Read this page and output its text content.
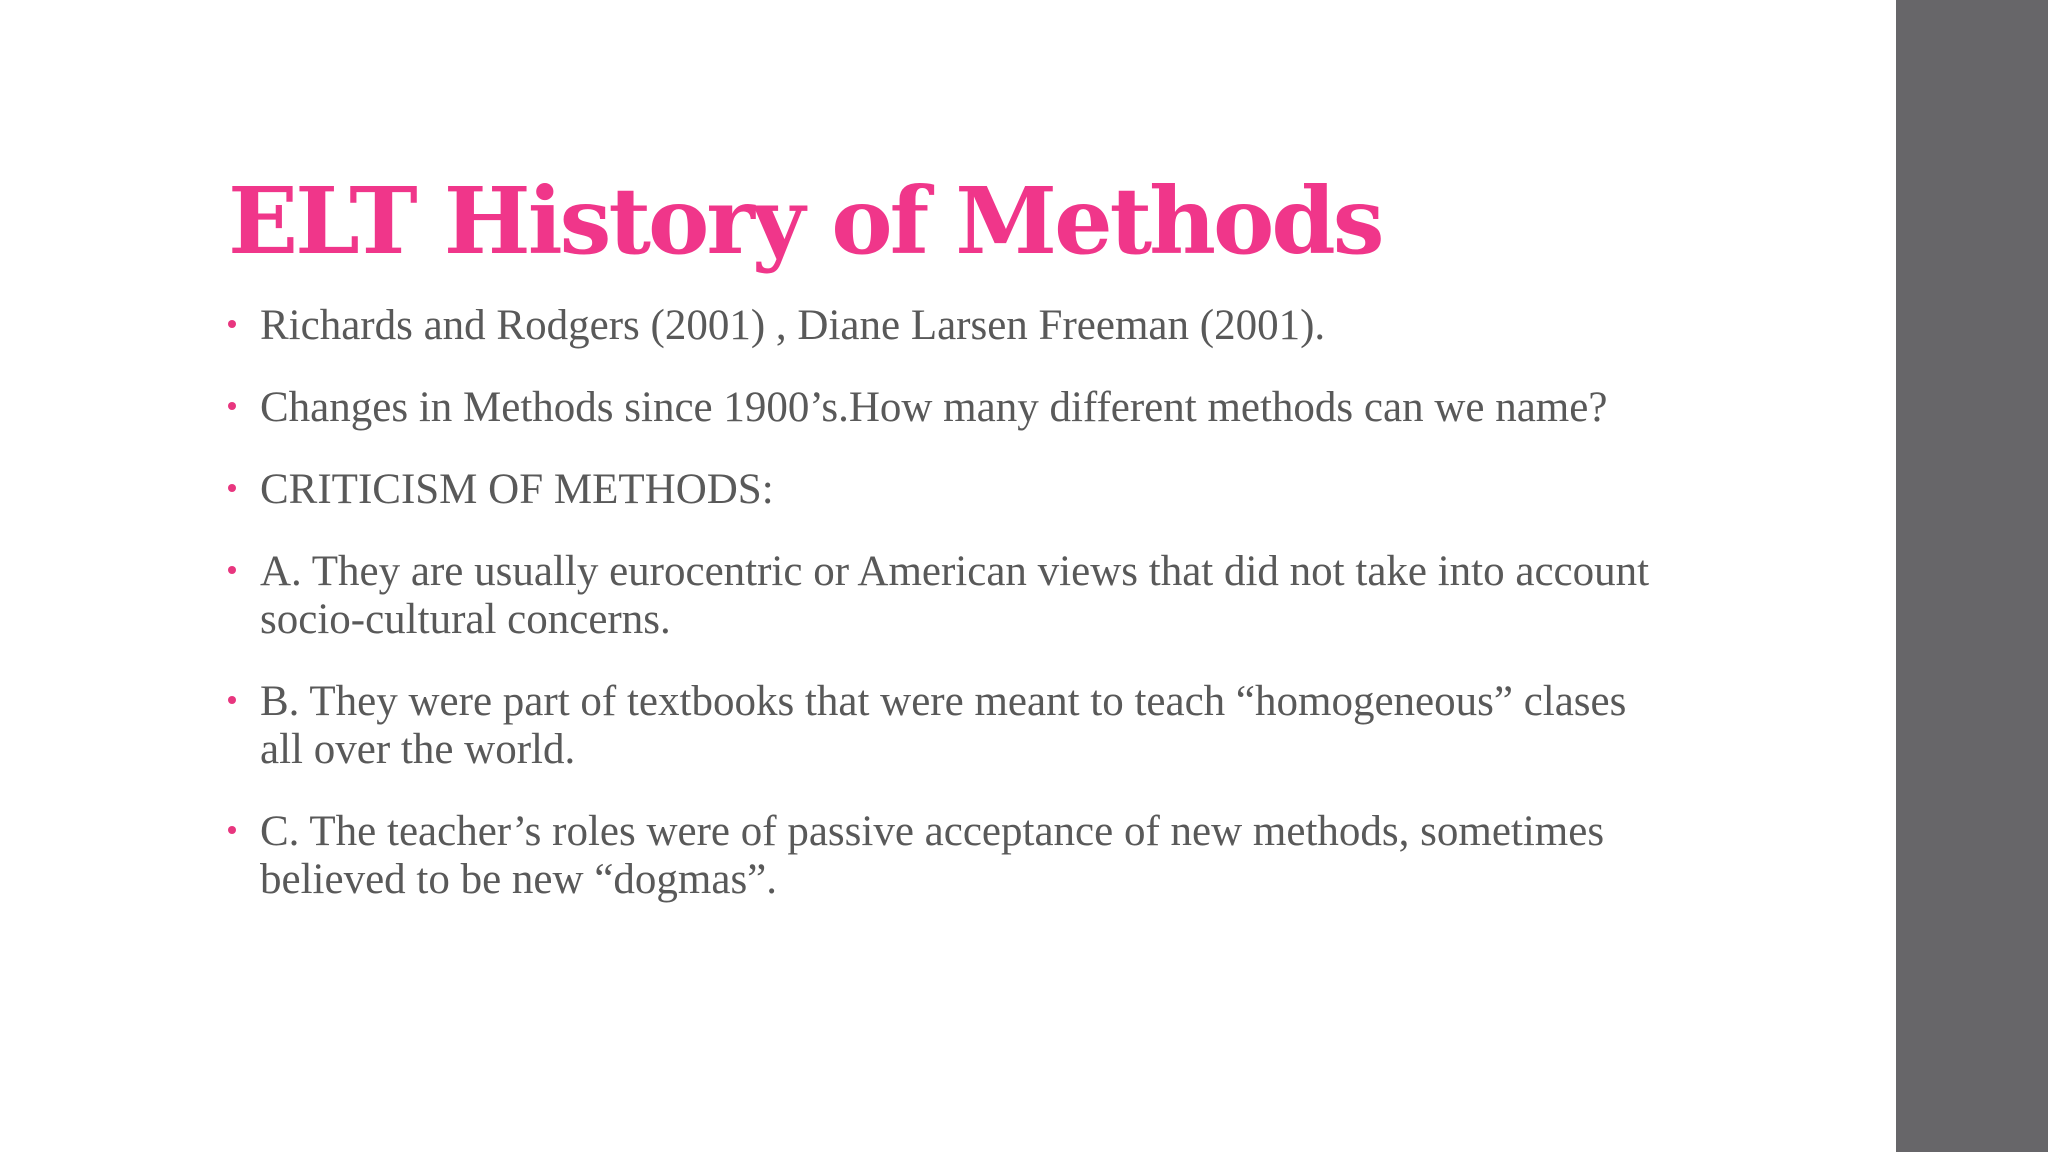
ELT History of Methods
Richards and Rodgers (2001) , Diane Larsen Freeman (2001).
Changes in Methods since 1900’s.How many different methods can we name?
CRITICISM OF METHODS:
A. They are usually eurocentric or American views that did not take into account socio-cultural concerns.
B. They were part of textbooks that were meant to teach “homogeneous” clases all over the world.
C. The teacher’s roles were of passive acceptance of new methods, sometimes believed to be new “dogmas”.
